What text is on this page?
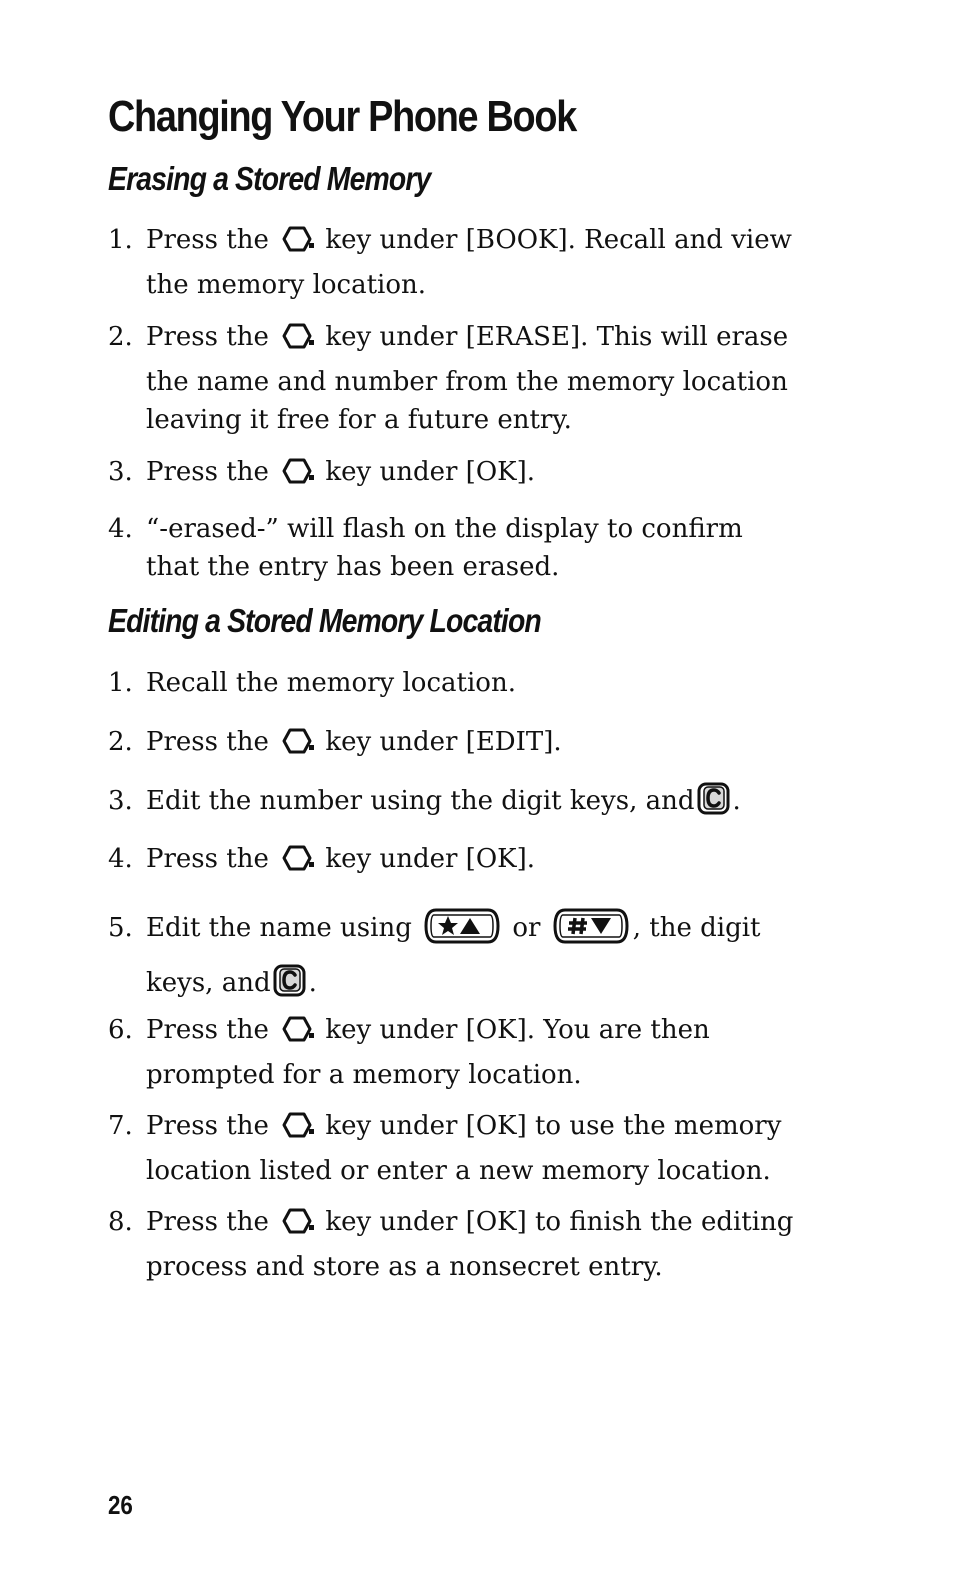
Changing Your Phone Book
Erasing a Stored Memory
1. Press the key under [BOOK]. Recall and view
the memory location.
2. Press the key under [ERASE]. This will erase
the name and number from the memory location
leaving it free for a future entry.
3. Press the key under [OK].
4. “-erased-” will flash on the display to confirm
that the entry has been erased.
Editing a Stored Memory Location
1. Recall the memory location.
2. Press the key under [EDIT].
3. Edit the number using the digit keys, and .
4. Press the key under [OK].
5. Edit the name using	or	, the digit
keys, and .
6. Press the key under [OK]. You are then
prompted for a memory location.
7. Press the key under [OK] to use the memory
location listed or enter a new memory location.
8. Press the key under [OK] to finish the editing
process and store as a nonsecret entry.
26
